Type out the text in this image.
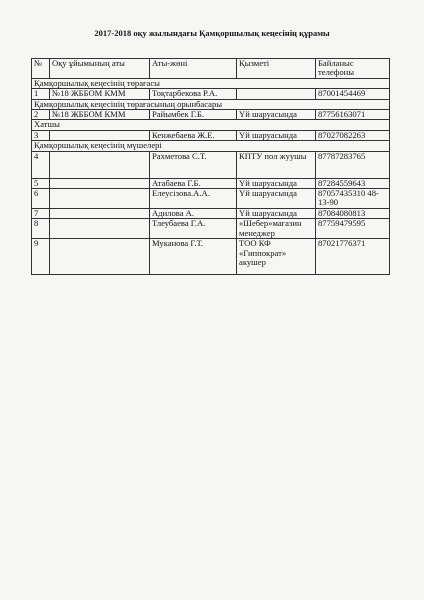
2017-2018 оқу жылындағы Қамқоршылық кеңесінің құрамы
№	Оқу ұйымының аты	Аты-жөні	Қызметі	Байланыс телефоны
Қамқоршылық кеңесінің төрағасы				
1	№18 ЖББОМ КММ	Тоқтарбекова Р.А.		87001454469
Қамқоршылық кеңесінің төрағасының орынбасары				
2	№18 ЖББОМ КММ	Райымбек Г.Б.	Үй шаруасында	87756163071
Хатшы				
3		Кенжебаева Ж.Е.	Үй шаруасында	87027082263
Қамқоршылық кеңесінің мүшелері				
4		Рахметова С.Т.	КПТУ пол жуушы	87787283765
5		Атабаева Г.Б.	Үй шаруасында	87284559643
6		Елеусізова.А.А.	Үй шаруасында	87057435310 48-13-90
7		Адилова А.	Үй шаруасында	87084080813
8		Тлеубаева Г.А.	«Шебер»магазин менеджер	87759479595
9		Муканова Г.Т.	ТОО КФ «Гиппократ» акушер	87021776371
